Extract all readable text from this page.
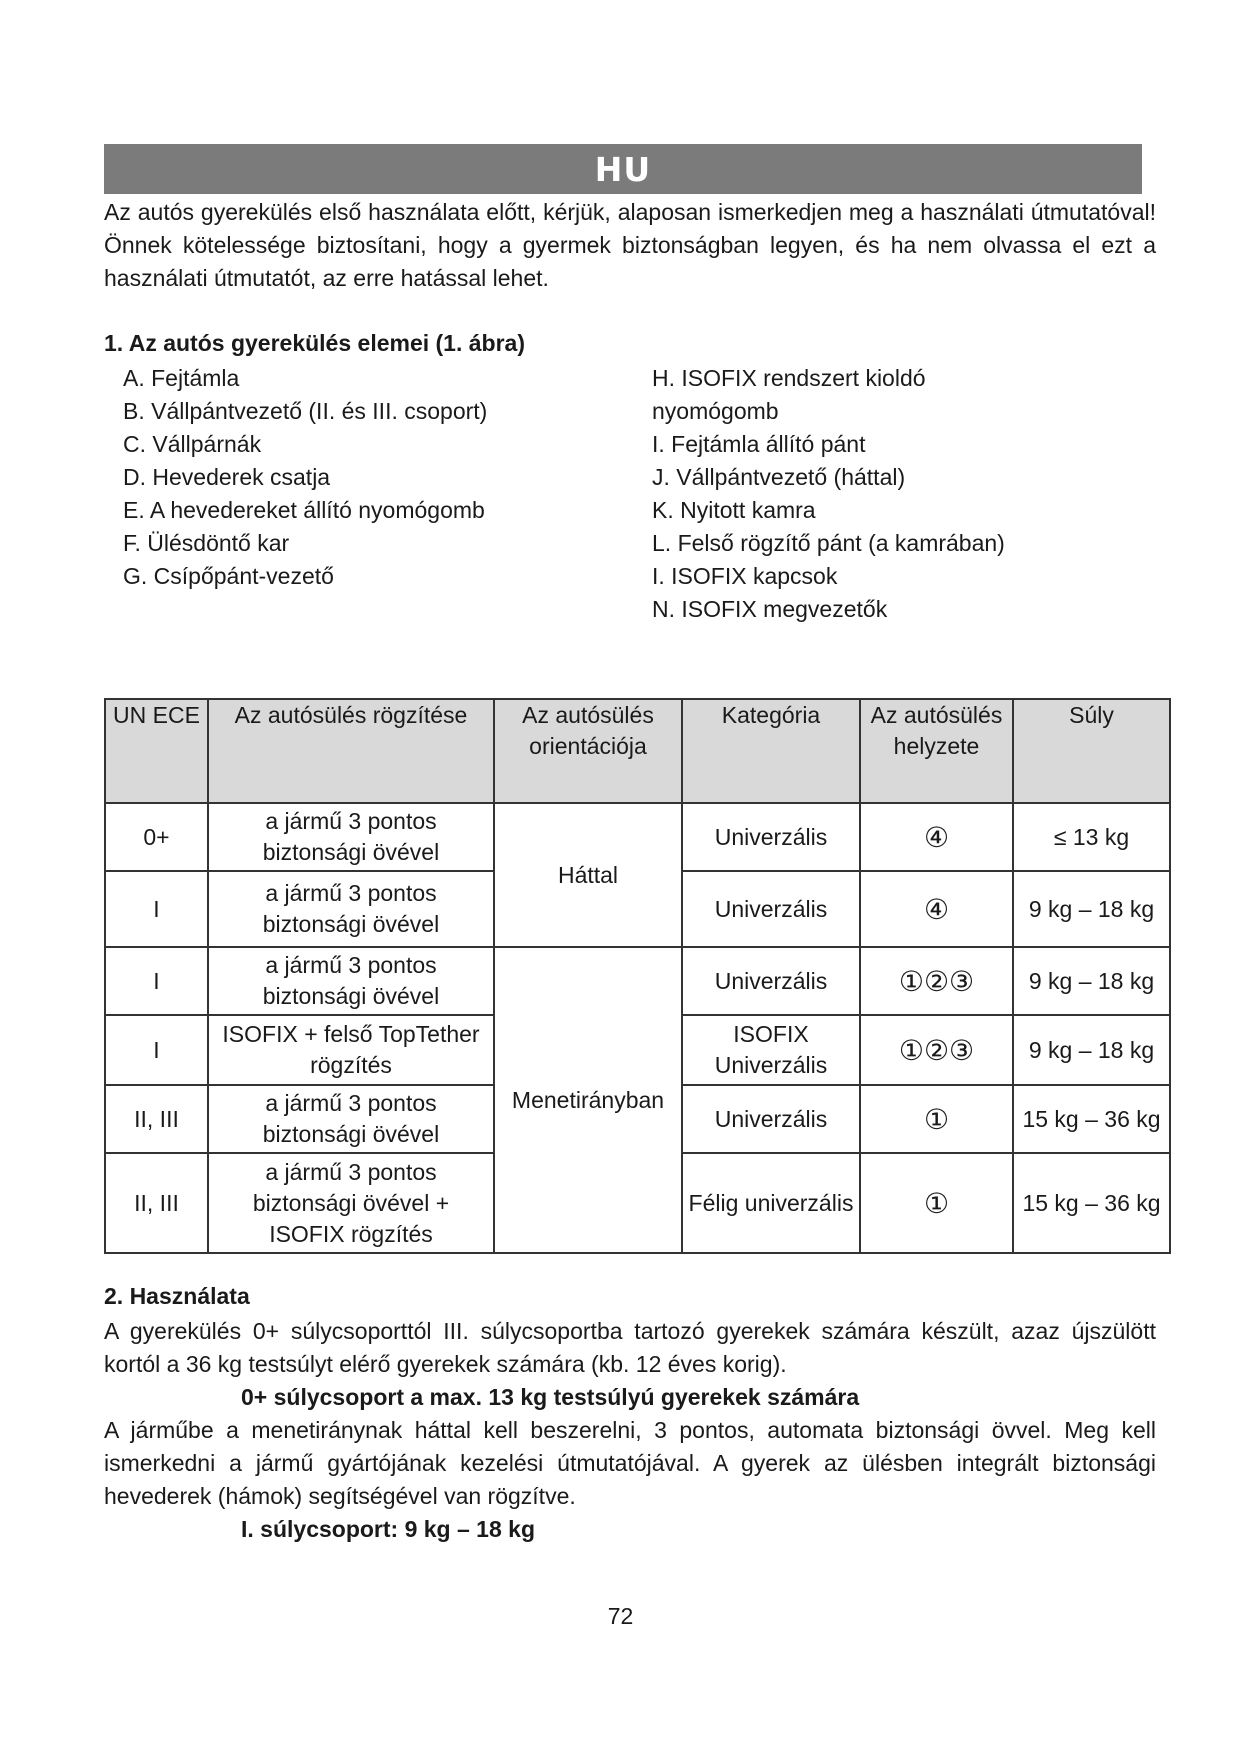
HU

Az autós gyerekülés első használata előtt, kérjük, alaposan ismerkedjen meg a használati útmutatóval! Önnek kötelessége biztosítani, hogy a gyermek biztonságban legyen, és ha nem olvassa el ezt a használati útmutatót, az erre hatással lehet.

1. Az autós gyerekülés elemei (1. ábra)
A. Fejtámla
B. Vállpántvezető (II. és III. csoport)
C. Vállpárnák
D. Hevederek csatja
E. A hevedereket állító nyomógomb
F. Ülésdöntő kar
G. Csípőpánt-vezető
H. ISOFIX rendszert kioldó
nyomógomb
I. Fejtámla állító pánt
J. Vállpántvezető (háttal)
K. Nyitott kamra
L. Felső rögzítő pánt (a kamrában)
I. ISOFIX kapcsok
N. ISOFIX megvezetők
UN ECE	Az autósülés rögzítése	Az autósülés orientációja	Kategória	Az autósülés helyzete	Súly
0+	a jármű 3 pontos biztonsági övével	Háttal	Univerzális	④	≤ 13 kg
I	a jármű 3 pontos biztonsági övével		Univerzális	④	9 kg – 18 kg
I	a jármű 3 pontos biztonsági övével	Menetirányban	Univerzális	①②③	9 kg – 18 kg
I	ISOFIX + felső TopTether rögzítés		ISOFIX Univerzális	①②③	9 kg – 18 kg
II, III	a jármű 3 pontos biztonsági övével		Univerzális	①	15 kg – 36 kg
II, III	a jármű 3 pontos biztonsági övével + ISOFIX rögzítés		Félig univerzális	①	15 kg – 36 kg
2. Használata

A gyerekülés 0+ súlycsoporttól III. súlycsoportba tartozó gyerekek számára készült, azaz újszülött kortól a 36 kg testsúlyt elérő gyerekek számára (kb. 12 éves korig).

0+ súlycsoport a max. 13 kg testsúlyú gyerekek számára

A járműbe a menetiránynak háttal kell beszerelni, 3 pontos, automata biztonsági övvel. Meg kell ismerkedni a jármű gyártójának kezelési útmutatójával. A gyerek az ülésben integrált biztonsági hevederek (hámok) segítségével van rögzítve.

I. súlycsoport: 9 kg – 18 kg

72
